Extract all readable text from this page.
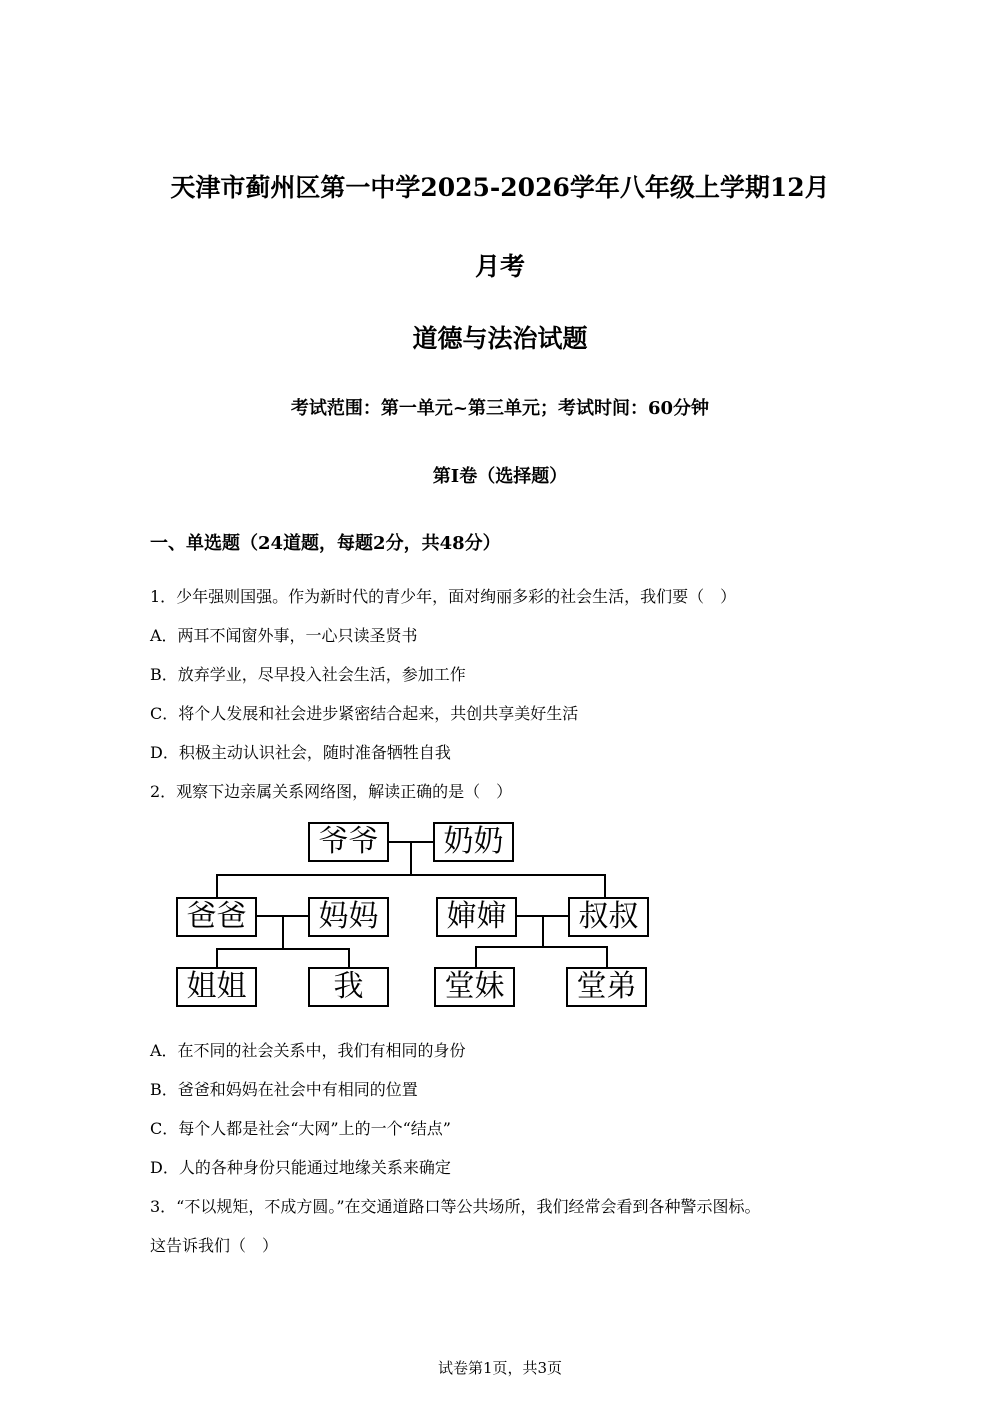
天津市蓟州区第一中学2025-2026学年八年级上学期12月
月考
道德与法治试题
考试范围：第一单元~第三单元；考试时间：60分钟
第Ⅰ卷（选择题）
一、单选题（24道题，每题2分，共48分）
1．少年强则国强。作为新时代的青少年，面对绚丽多彩的社会生活，我们要（　）
A．两耳不闻窗外事，一心只读圣贤书
B．放弃学业，尽早投入社会生活，参加工作
C．将个人发展和社会进步紧密结合起来，共创共享美好生活
D．积极主动认识社会，随时准备牺牲自我
2．观察下边亲属关系网络图，解读正确的是（　）
爷爷	奶奶
爸爸	妈妈	婶婶	叔叔
姐姐	我	堂妹	堂弟
A．在不同的社会关系中，我们有相同的身份
B．爸爸和妈妈在社会中有相同的位置
C．每个人都是社会“大网”上的一个“结点”
D．人的各种身份只能通过地缘关系来确定
3．“不以规矩，不成方圆。”在交通道路口等公共场所，我们经常会看到各种警示图标。
这告诉我们（　）
试卷第1页，共3页
